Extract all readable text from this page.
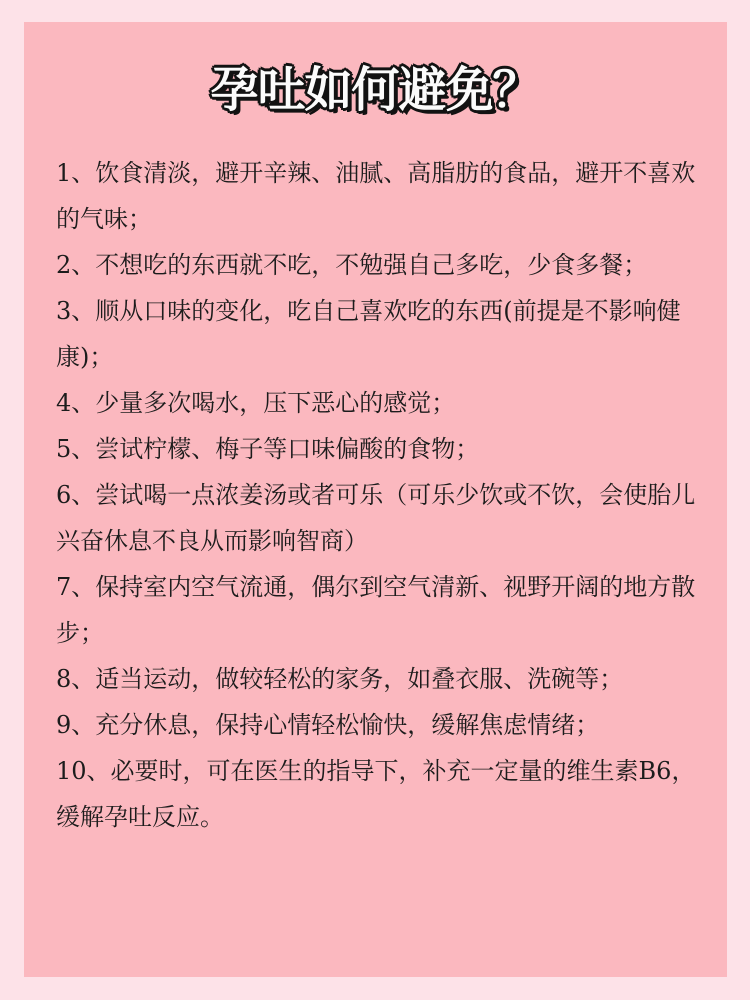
孕吐如何避免？
1、饮食清淡，避开辛辣、油腻、高脂肪的食品，避开不喜欢的气味；
2、不想吃的东西就不吃，不勉强自己多吃，少食多餐；
3、顺从口味的变化，吃自己喜欢吃的东西(前提是不影响健康)；
4、少量多次喝水，压下恶心的感觉；
5、尝试柠檬、梅子等口味偏酸的食物；
6、尝试喝一点浓姜汤或者可乐（可乐少饮或不饮，会使胎儿兴奋休息不良从而影响智商）
7、保持室内空气流通，偶尔到空气清新、视野开阔的地方散步；
8、适当运动，做较轻松的家务，如叠衣服、洗碗等；
9、充分休息，保持心情轻松愉快，缓解焦虑情绪；
10、必要时，可在医生的指导下，补充一定量的维生素B6，缓解孕吐反应。
